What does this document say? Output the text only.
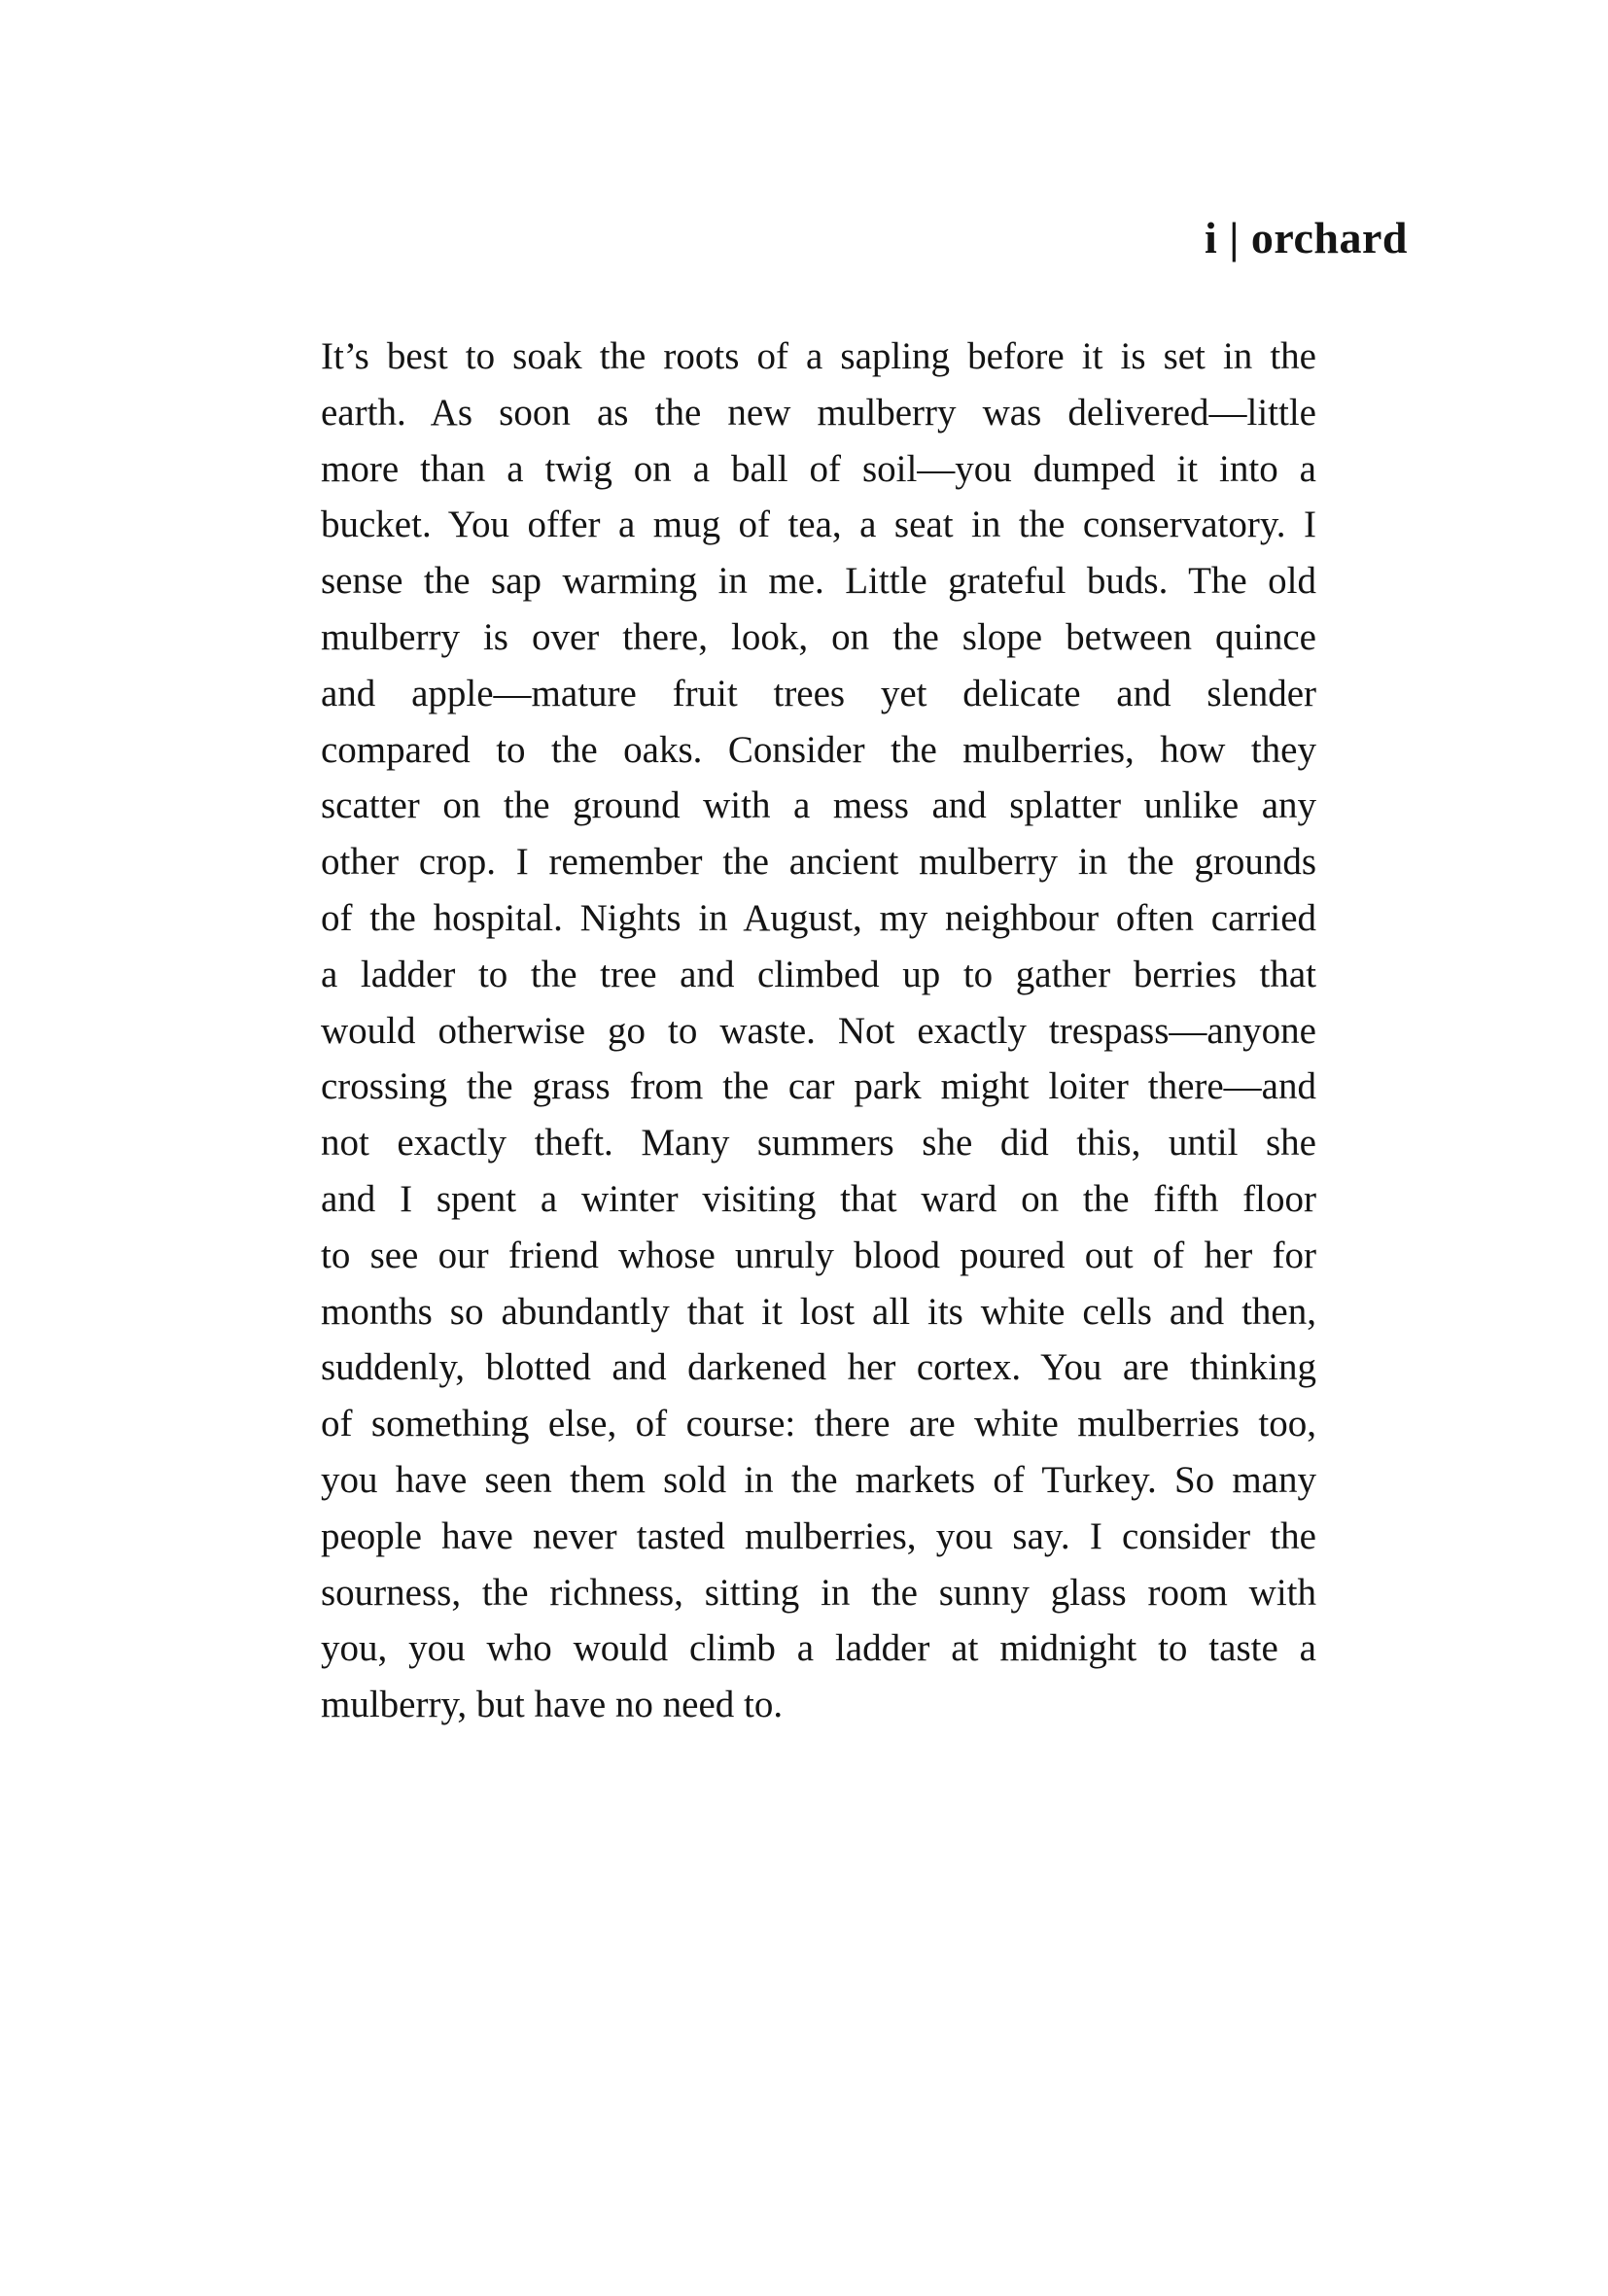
i | orchard
It’s best to soak the roots of a sapling before it is set in the
earth. As soon as the new mulberry was delivered—little
more than a twig on a ball of soil—you dumped it into a
bucket. You offer a mug of tea, a seat in the conservatory. I
sense the sap warming in me. Little grateful buds. The old
mulberry is over there, look, on the slope between quince
and apple—mature fruit trees yet delicate and slender
compared to the oaks. Consider the mulberries, how they
scatter on the ground with a mess and splatter unlike any
other crop. I remember the ancient mulberry in the grounds
of the hospital. Nights in August, my neighbour often carried
a ladder to the tree and climbed up to gather berries that
would otherwise go to waste. Not exactly trespass—anyone
crossing the grass from the car park might loiter there—and
not exactly theft. Many summers she did this, until she
and I spent a winter visiting that ward on the fifth floor
to see our friend whose unruly blood poured out of her for
months so abundantly that it lost all its white cells and then,
suddenly, blotted and darkened her cortex. You are thinking
of something else, of course: there are white mulberries too,
you have seen them sold in the markets of Turkey. So many
people have never tasted mulberries, you say. I consider the
sourness, the richness, sitting in the sunny glass room with
you, you who would climb a ladder at midnight to taste a
mulberry, but have no need to.
